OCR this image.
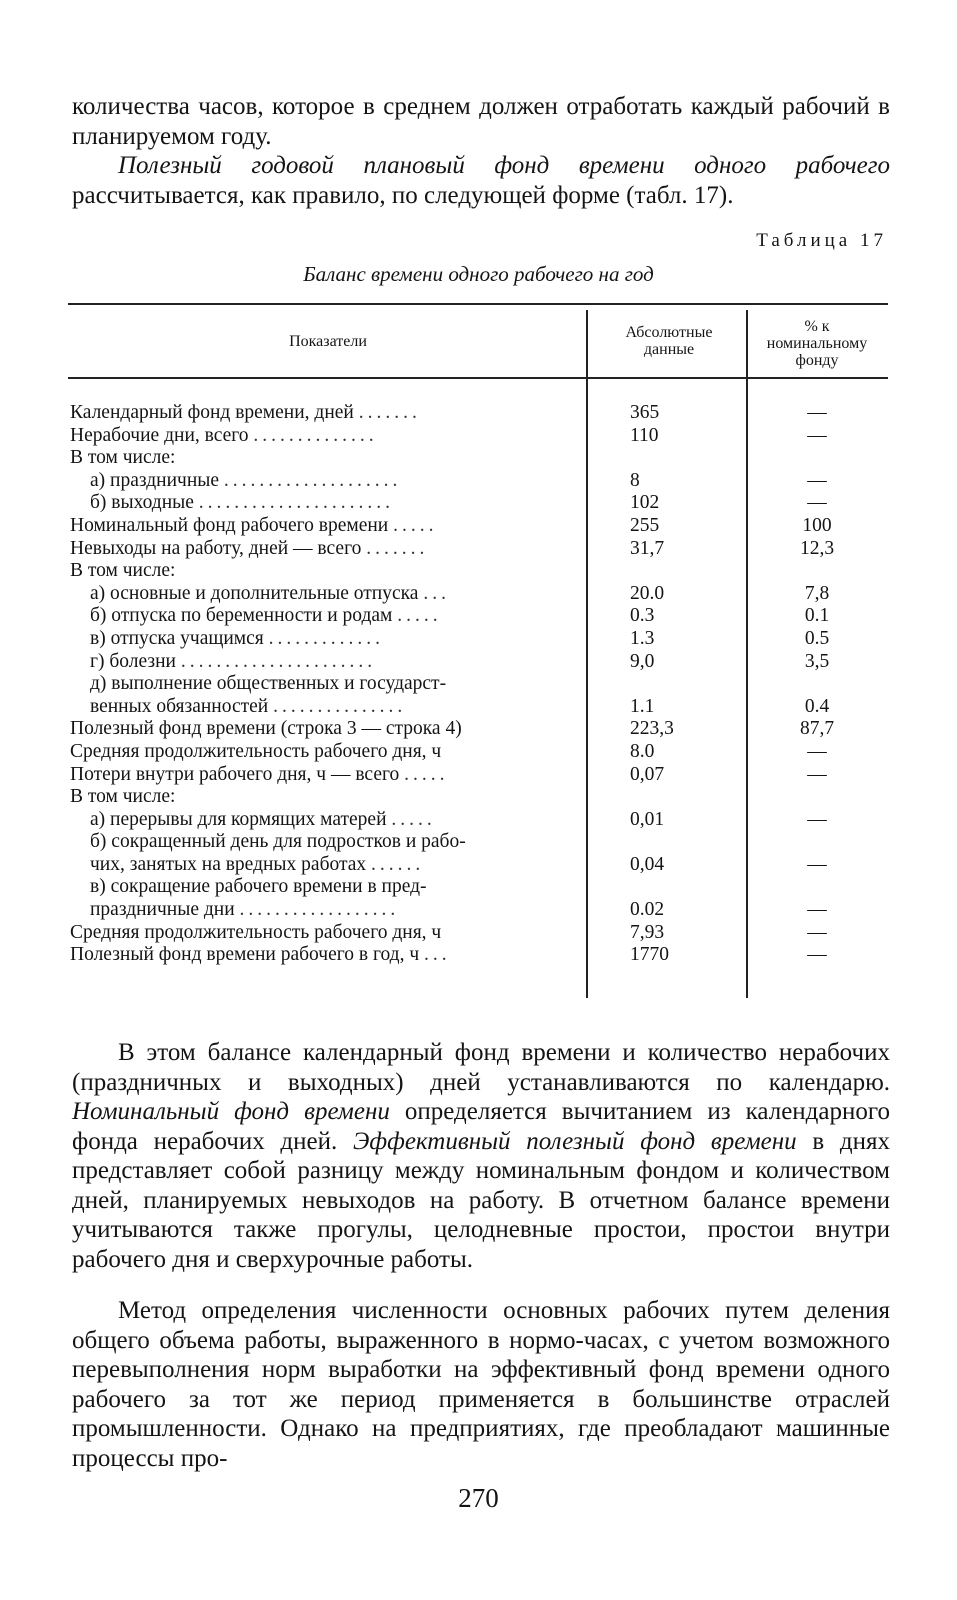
количества часов, которое в среднем должен отработать каждый рабочий в планируемом году.
Полезный годовой плановый фонд времени одного рабочего рассчитывается, как правило, по следующей форме (табл. 17).

Таблица 17
Баланс времени одного рабочего на год
Показатели
Абсолютные данные
% к номинальному фонду
Календарный фонд времени, дней .......	365	—
Нерабочие дни, всего ..............	110	—
В том числе:
а) праздничные ....................	8	—
б) выходные ......................	102	—
Номинальный фонд рабочего времени .....	255	100
Невыходы на работу, дней — всего .......	31,7	12,3
В том числе:
а) основные и дополнительные отпуска ...	20.0	7,8
б) отпуска по беременности и родам .....	0.3	0.1
в) отпуска учащимся .............	1.3	0.5
г) болезни ......................	9,0	3,5
д) выполнение общественных и государст-
венных обязанностей ...............	1.1	0.4
Полезный фонд времени (строка 3 — строка 4)	223,3	87,7
Средняя продолжительность рабочего дня, ч	8.0	—
Потери внутри рабочего дня, ч — всего .....	0,07	—
В том числе:
а) перерывы для кормящих матерей .....	0,01	—
б) сокращенный день для подростков и рабо-
чих, занятых на вредных работах ......	0,04	—
в) сокращение рабочего времени в пред-
праздничные дни ..................	0.02	—
Средняя продолжительность рабочего дня, ч	7,93	—
Полезный фонд времени рабочего в год, ч ...	1770	—
В этом балансе календарный фонд времени и количество нерабочих (праздничных и выходных) дней устанавливаются по календарю. Номинальный фонд времени определяется вычитанием из календарного фонда нерабочих дней. Эффективный полезный фонд времени в днях представляет собой разницу между номинальным фондом и количеством дней, планируемых невыходов на работу. В отчетном балансе времени учитываются также прогулы, целодневные простои, простои внутри рабочего дня и сверхурочные работы.
Метод определения численности основных рабочих путем деления общего объема работы, выраженного в нормо-часах, с учетом возможного перевыполнения норм выработки на эффективный фонд времени одного рабочего за тот же период применяется в большинстве отраслей промышленности. Однако на предприятиях, где преобладают машинные процессы про-
270
